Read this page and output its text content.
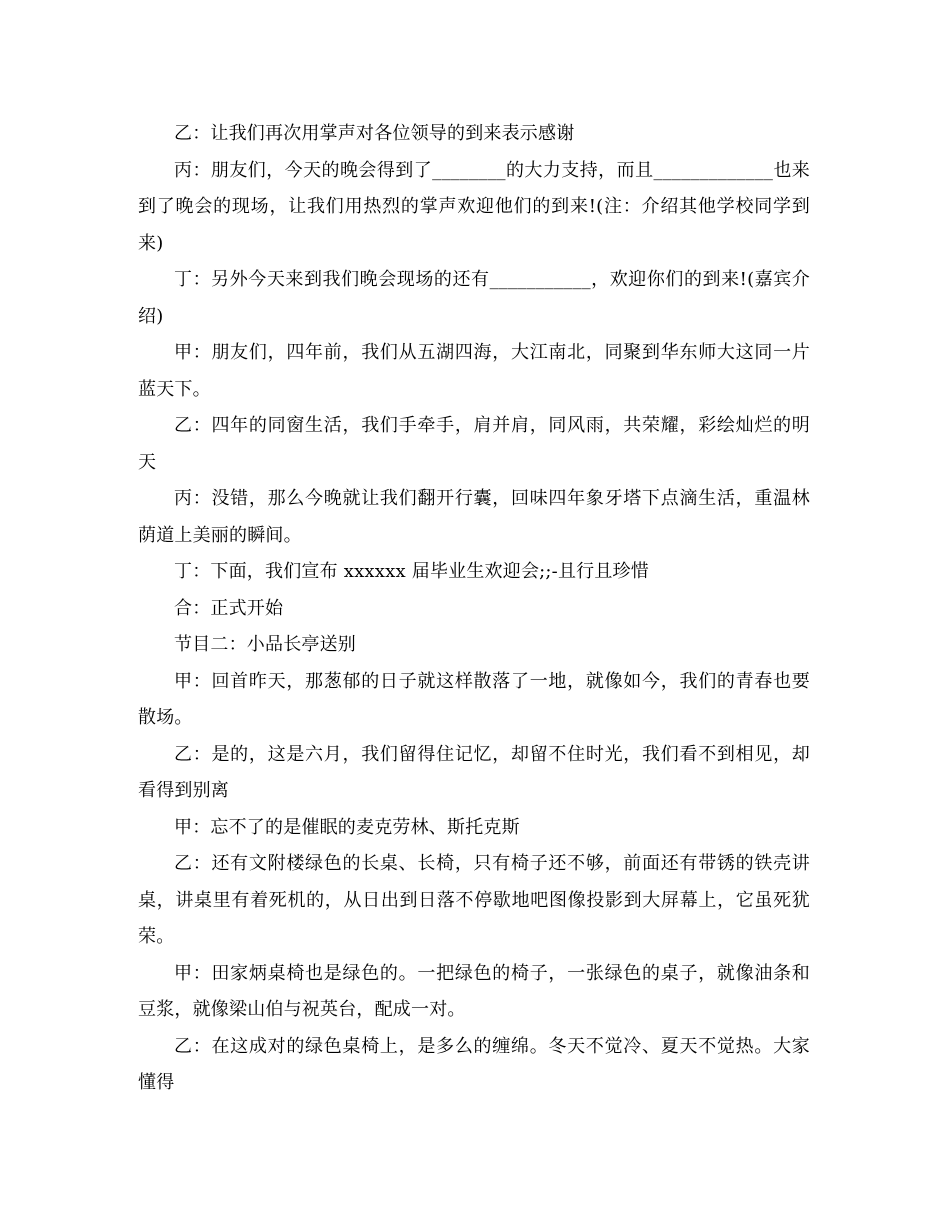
乙：让我们再次用掌声对各位领导的到来表示感谢

丙：朋友们，今天的晚会得到了________的大力支持，而且_____________也来到了晚会的现场，让我们用热烈的掌声欢迎他们的到来!(注：介绍其他学校同学到来)

丁：另外今天来到我们晚会现场的还有___________，欢迎你们的到来!(嘉宾介绍)

甲：朋友们，四年前，我们从五湖四海，大江南北，同聚到华东师大这同一片蓝天下。

乙：四年的同窗生活，我们手牵手，肩并肩，同风雨，共荣耀，彩绘灿烂的明天

丙：没错，那么今晚就让我们翻开行囊，回味四年象牙塔下点滴生活，重温林荫道上美丽的瞬间。

丁：下面，我们宣布 xxxxxx 届毕业生欢迎会;;-且行且珍惜

合：正式开始

节目二：小品长亭送别

甲：回首昨天，那葱郁的日子就这样散落了一地，就像如今，我们的青春也要散场。

乙：是的，这是六月，我们留得住记忆，却留不住时光，我们看不到相见，却看得到别离

甲：忘不了的是催眠的麦克劳林、斯托克斯

乙：还有文附楼绿色的长桌、长椅，只有椅子还不够，前面还有带锈的铁壳讲桌，讲桌里有着死机的，从日出到日落不停歇地吧图像投影到大屏幕上，它虽死犹荣。

甲：田家炳桌椅也是绿色的。一把绿色的椅子，一张绿色的桌子，就像油条和豆浆，就像梁山伯与祝英台，配成一对。

乙：在这成对的绿色桌椅上，是多么的缠绵。冬天不觉冷、夏天不觉热。大家懂得
